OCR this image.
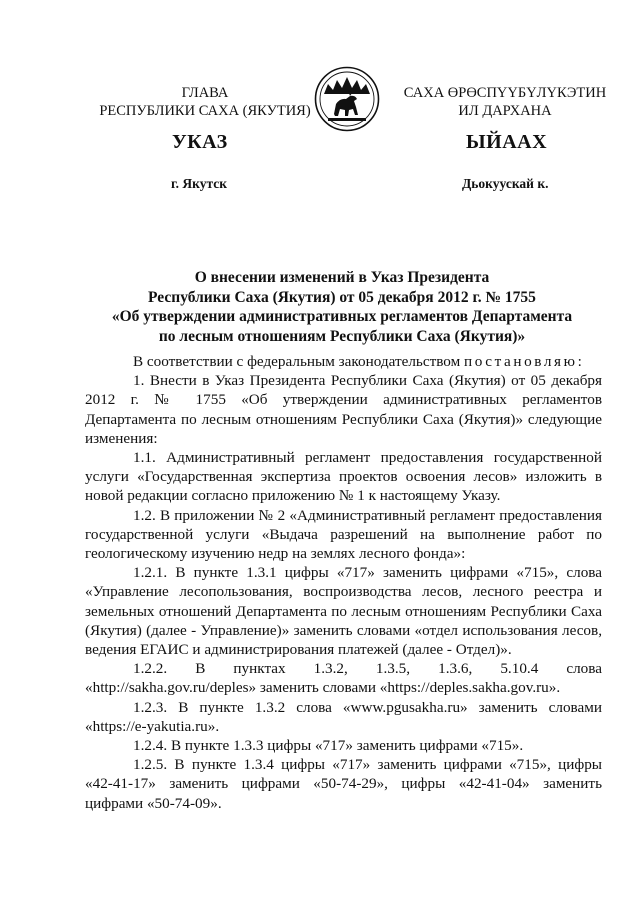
ГЛАВА
РЕСПУБЛИКИ САХА (ЯКУТИЯ)
САХА ӨРӨСПҮҮБҮЛҮКЭТИН
ИЛ ДАРХАНА
УКАЗ	ЫЙААХ
г. Якутск	Дьокуускай к.
О внесении изменений в Указ Президента
Республики Саха (Якутия) от 05 декабря 2012 г. № 1755
«Об утверждении административных регламентов Департамента
по лесным отношениям Республики Саха (Якутия)»

В соответствии с федеральным законодательством постановляю:

1. Внести в Указ Президента Республики Саха (Якутия) от 05 декабря 2012 г. № 1755 «Об утверждении административных регламентов Департамента по лесным отношениям Республики Саха (Якутия)» следующие изменения:

1.1. Административный регламент предоставления государственной услуги «Государственная экспертиза проектов освоения лесов» изложить в новой редакции согласно приложению № 1 к настоящему Указу.

1.2. В приложении № 2 «Административный регламент предоставления государственной услуги «Выдача разрешений на выполнение работ по геологическому изучению недр на землях лесного фонда»:

1.2.1. В пункте 1.3.1 цифры «717» заменить цифрами «715», слова «Управление лесопользования, воспроизводства лесов, лесного реестра и земельных отношений Департамента по лесным отношениям Республики Саха (Якутия) (далее - Управление)» заменить словами «отдел использования лесов, ведения ЕГАИС и администрирования платежей (далее - Отдел)».

1.2.2. В пунктах 1.3.2, 1.3.5, 1.3.6, 5.10.4 слова «http://sakha.gov.ru/deples» заменить словами «https://deples.sakha.gov.ru».

1.2.3. В пункте 1.3.2 слова «www.pgusakha.ru» заменить словами «https://e-yakutia.ru».

1.2.4. В пункте 1.3.3 цифры «717» заменить цифрами «715».

1.2.5. В пункте 1.3.4 цифры «717» заменить цифрами «715», цифры «42-41-17» заменить цифрами «50-74-29», цифры «42-41-04» заменить цифрами «50-74-09».
